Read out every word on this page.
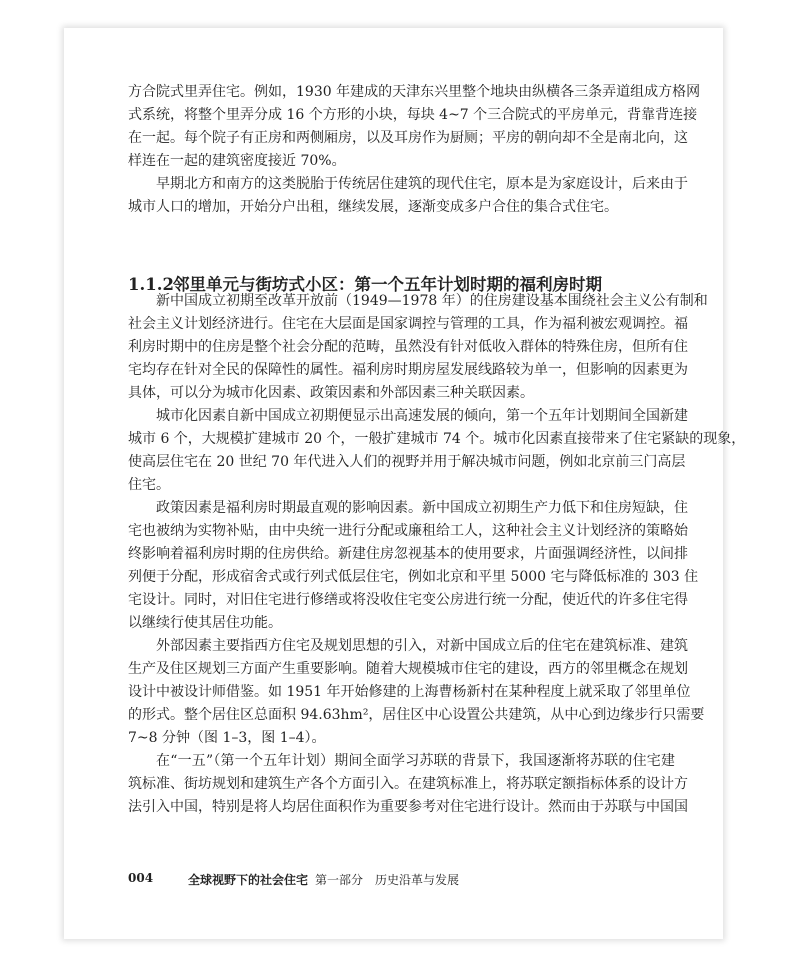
方合院式里弄住宅。例如，1930 年建成的天津东兴里整个地块由纵横各三条弄道组成方格网
式系统，将整个里弄分成 16 个方形的小块，每块 4~7 个三合院式的平房单元，背靠背连接
在一起。每个院子有正房和两侧厢房，以及耳房作为厨厕；平房的朝向却不全是南北向，这
样连在一起的建筑密度接近 70%。
早期北方和南方的这类脱胎于传统居住建筑的现代住宅，原本是为家庭设计，后来由于
城市人口的增加，开始分户出租，继续发展，逐渐变成多户合住的集合式住宅。
1.1.2邻里单元与街坊式小区：第一个五年计划时期的福利房时期
新中国成立初期至改革开放前（1949—1978 年）的住房建设基本围绕社会主义公有制和
社会主义计划经济进行。住宅在大层面是国家调控与管理的工具，作为福利被宏观调控。福
利房时期中的住房是整个社会分配的范畴，虽然没有针对低收入群体的特殊住房，但所有住
宅均存在针对全民的保障性的属性。福利房时期房屋发展线路较为单一，但影响的因素更为
具体，可以分为城市化因素、政策因素和外部因素三种关联因素。
城市化因素自新中国成立初期便显示出高速发展的倾向，第一个五年计划期间全国新建
城市 6 个，大规模扩建城市 20 个，一般扩建城市 74 个。城市化因素直接带来了住宅紧缺的现象，
使高层住宅在 20 世纪 70 年代进入人们的视野并用于解决城市问题，例如北京前三门高层
住宅。
政策因素是福利房时期最直观的影响因素。新中国成立初期生产力低下和住房短缺，住
宅也被纳为实物补贴，由中央统一进行分配或廉租给工人，这种社会主义计划经济的策略始
终影响着福利房时期的住房供给。新建住房忽视基本的使用要求，片面强调经济性，以间排
列便于分配，形成宿舍式或行列式低层住宅，例如北京和平里 5000 宅与降低标准的 303 住
宅设计。同时，对旧住宅进行修缮或将没收住宅变公房进行统一分配，使近代的许多住宅得
以继续行使其居住功能。
外部因素主要指西方住宅及规划思想的引入，对新中国成立后的住宅在建筑标准、建筑
生产及住区规划三方面产生重要影响。随着大规模城市住宅的建设，西方的邻里概念在规划
设计中被设计师借鉴。如 1951 年开始修建的上海曹杨新村在某种程度上就采取了邻里单位
的形式。整个居住区总面积 94.63hm²，居住区中心设置公共建筑，从中心到边缘步行只需要
7~8 分钟（图 1–3，图 1–4）。
在“一五”（第一个五年计划）期间全面学习苏联的背景下，我国逐渐将苏联的住宅建
筑标准、街坊规划和建筑生产各个方面引入。在建筑标准上，将苏联定额指标体系的设计方
法引入中国，特别是将人均居住面积作为重要参考对住宅进行设计。然而由于苏联与中国国
004	全球视野下的社会住宅 第一部分　历史沿革与发展
